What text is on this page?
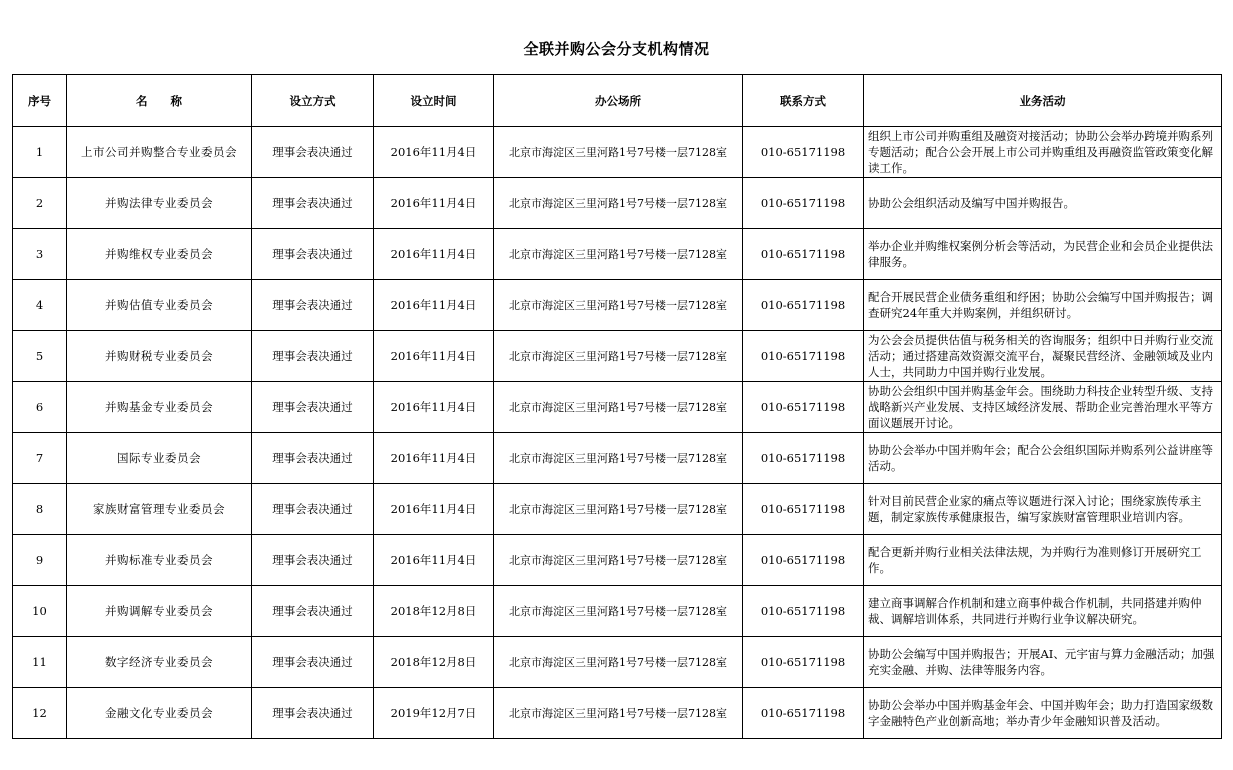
全联并购公会分支机构情况
序号	名　　称	设立方式	设立时间	办公场所	联系方式	业务活动
1	上市公司并购整合专业委员会	理事会表决通过	2016年11月4日	北京市海淀区三里河路1号7号楼一层7128室	010-65171198	组织上市公司并购重组及融资对接活动；协助公会举办跨境并购系列专题活动；配合公会开展上市公司并购重组及再融资监管政策变化解读工作。
2	并购法律专业委员会	理事会表决通过	2016年11月4日	北京市海淀区三里河路1号7号楼一层7128室	010-65171198	协助公会组织活动及编写中国并购报告。
3	并购维权专业委员会	理事会表决通过	2016年11月4日	北京市海淀区三里河路1号7号楼一层7128室	010-65171198	举办企业并购维权案例分析会等活动，为民营企业和会员企业提供法律服务。
4	并购估值专业委员会	理事会表决通过	2016年11月4日	北京市海淀区三里河路1号7号楼一层7128室	010-65171198	配合开展民营企业债务重组和纾困；协助公会编写中国并购报告；调查研究24年重大并购案例，并组织研讨。
5	并购财税专业委员会	理事会表决通过	2016年11月4日	北京市海淀区三里河路1号7号楼一层7128室	010-65171198	为公会会员提供估值与税务相关的咨询服务；组织中日并购行业交流活动；通过搭建高效资源交流平台，凝聚民营经济、金融领域及业内人士，共同助力中国并购行业发展。
6	并购基金专业委员会	理事会表决通过	2016年11月4日	北京市海淀区三里河路1号7号楼一层7128室	010-65171198	协助公会组织中国并购基金年会。围绕助力科技企业转型升级、支持战略新兴产业发展、支持区域经济发展、帮助企业完善治理水平等方面议题展开讨论。
7	国际专业委员会	理事会表决通过	2016年11月4日	北京市海淀区三里河路1号7号楼一层7128室	010-65171198	协助公会举办中国并购年会；配合公会组织国际并购系列公益讲座等活动。
8	家族财富管理专业委员会	理事会表决通过	2016年11月4日	北京市海淀区三里河路1号7号楼一层7128室	010-65171198	针对目前民营企业家的痛点等议题进行深入讨论；围绕家族传承主题，制定家族传承健康报告，编写家族财富管理职业培训内容。
9	并购标准专业委员会	理事会表决通过	2016年11月4日	北京市海淀区三里河路1号7号楼一层7128室	010-65171198	配合更新并购行业相关法律法规，为并购行为准则修订开展研究工作。
10	并购调解专业委员会	理事会表决通过	2018年12月8日	北京市海淀区三里河路1号7号楼一层7128室	010-65171198	建立商事调解合作机制和建立商事仲裁合作机制，共同搭建并购仲裁、调解培训体系，共同进行并购行业争议解决研究。
11	数字经济专业委员会	理事会表决通过	2018年12月8日	北京市海淀区三里河路1号7号楼一层7128室	010-65171198	协助公会编写中国并购报告；开展AI、元宇宙与算力金融活动；加强充实金融、并购、法律等服务内容。
12	金融文化专业委员会	理事会表决通过	2019年12月7日	北京市海淀区三里河路1号7号楼一层7128室	010-65171198	协助公会举办中国并购基金年会、中国并购年会；助力打造国家级数字金融特色产业创新高地；举办青少年金融知识普及活动。
